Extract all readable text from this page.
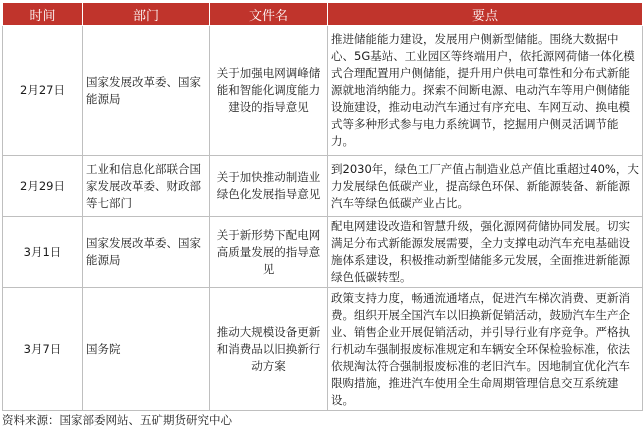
时间	部门	文件名	要点
2月27日	国家发展改革委、国家能源局	关于加强电网调峰储能和智能化调度能力建设的指导意见	推进储能能力建设，发展用户侧新型储能。围绕大数据中心、5G基站、工业园区等终端用户，依托源网荷储一体化模式合理配置用户侧储能，提升用户供电可靠性和分布式新能源就地消纳能力。探索不间断电源、电动汽车等用户侧储能设施建设，推动电动汽车通过有序充电、车网互动、换电模式等多种形式参与电力系统调节，挖掘用户侧灵活调节能力。
2月29日	工业和信息化部联合国家发展改革委、财政部等七部门	关于加快推动制造业绿色化发展指导意见	到2030年，绿色工厂产值占制造业总产值比重超过40%，大力发展绿色低碳产业，提高绿色环保、新能源装备、新能源汽车等绿色低碳产业占比。
3月1日	国家发展改革委、国家能源局	关于新形势下配电网高质量发展的指导意见	配电网建设改造和智慧升级，强化源网荷储协同发展。切实满足分布式新能源发展需要，全力支撑电动汽车充电基础设施体系建设，积极推动新型储能多元发展，全面推进新能源绿色低碳转型。
3月7日	国务院	推动大规模设备更新和消费品以旧换新行动方案	政策支持力度，畅通流通堵点，促进汽车梯次消费、更新消费。组织开展全国汽车以旧换新促销活动，鼓励汽车生产企业、销售企业开展促销活动，并引导行业有序竞争。严格执行机动车强制报废标准规定和车辆安全环保检验标准，依法依规淘汰符合强制报废标准的老旧汽车。因地制宜优化汽车限购措施，推进汽车使用全生命周期管理信息交互系统建设。
资料来源：国家部委网站、五矿期货研究中心
